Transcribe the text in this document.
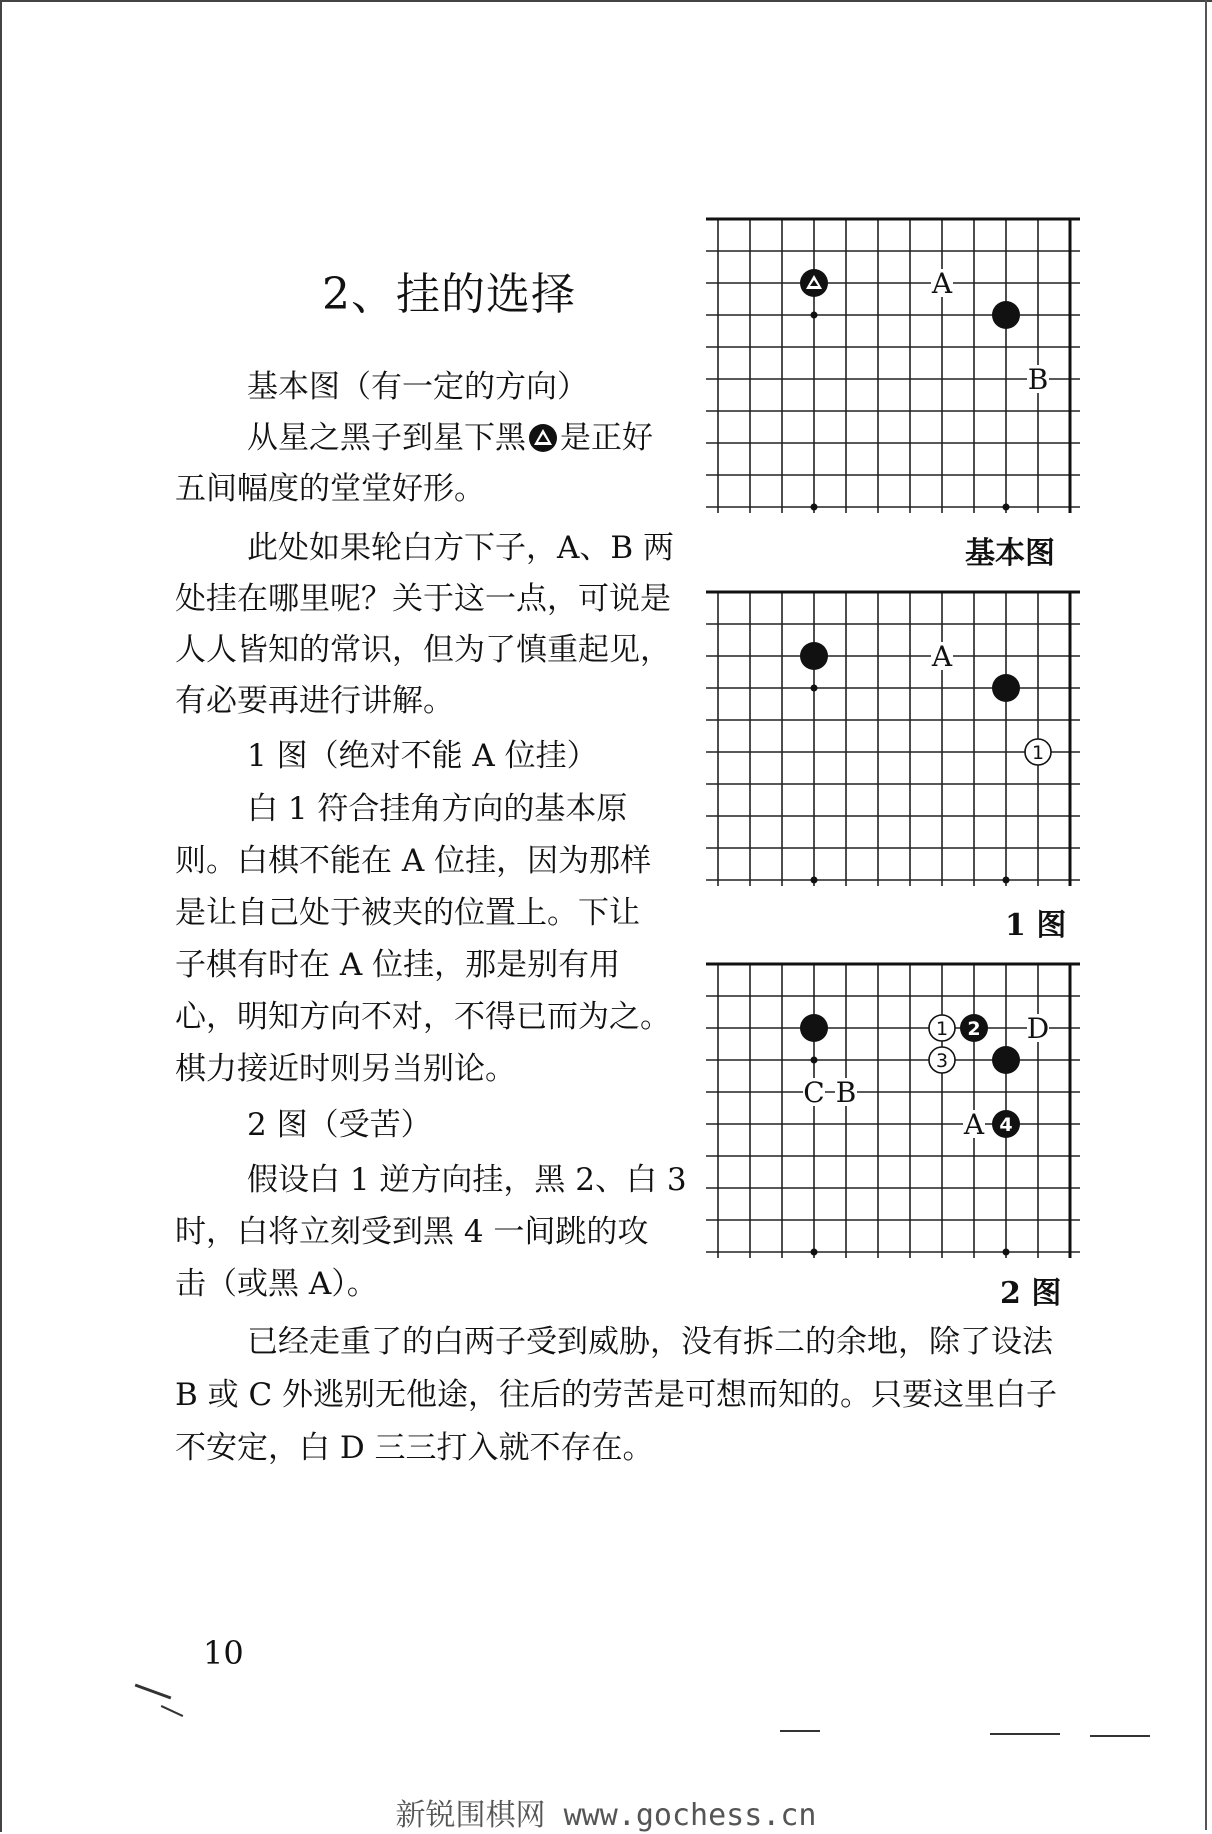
2、挂的选择
基本图（有一定的方向）
从星之黑子到星下黑 是正好
五间幅度的堂堂好形。
此处如果轮白方下子，A、B 两
处挂在哪里呢？关于这一点，可说是
人人皆知的常识，但为了慎重起见，
有必要再进行讲解。
1 图（绝对不能 A 位挂）
白 1 符合挂角方向的基本原
则。白棋不能在 A 位挂，因为那样
是让自己处于被夹的位置上。下让
子棋有时在 A 位挂，那是别有用
心，明知方向不对，不得已而为之。
棋力接近时则另当别论。
2 图（受苦）
假设白 1 逆方向挂，黑 2、白 3
时，白将立刻受到黑 4 一间跳的攻
击（或黑 A）。
已经走重了的白两子受到威胁，没有拆二的余地，除了设法
B 或 C 外逃别无他途，往后的劳苦是可想而知的。只要这里白子
不安定，白 D 三三打入就不存在。
A
B
基本图
A
1
1 图
D
C B
A
1 2
3
4
2 图
10
新锐围棋网 www.gochess.cn
